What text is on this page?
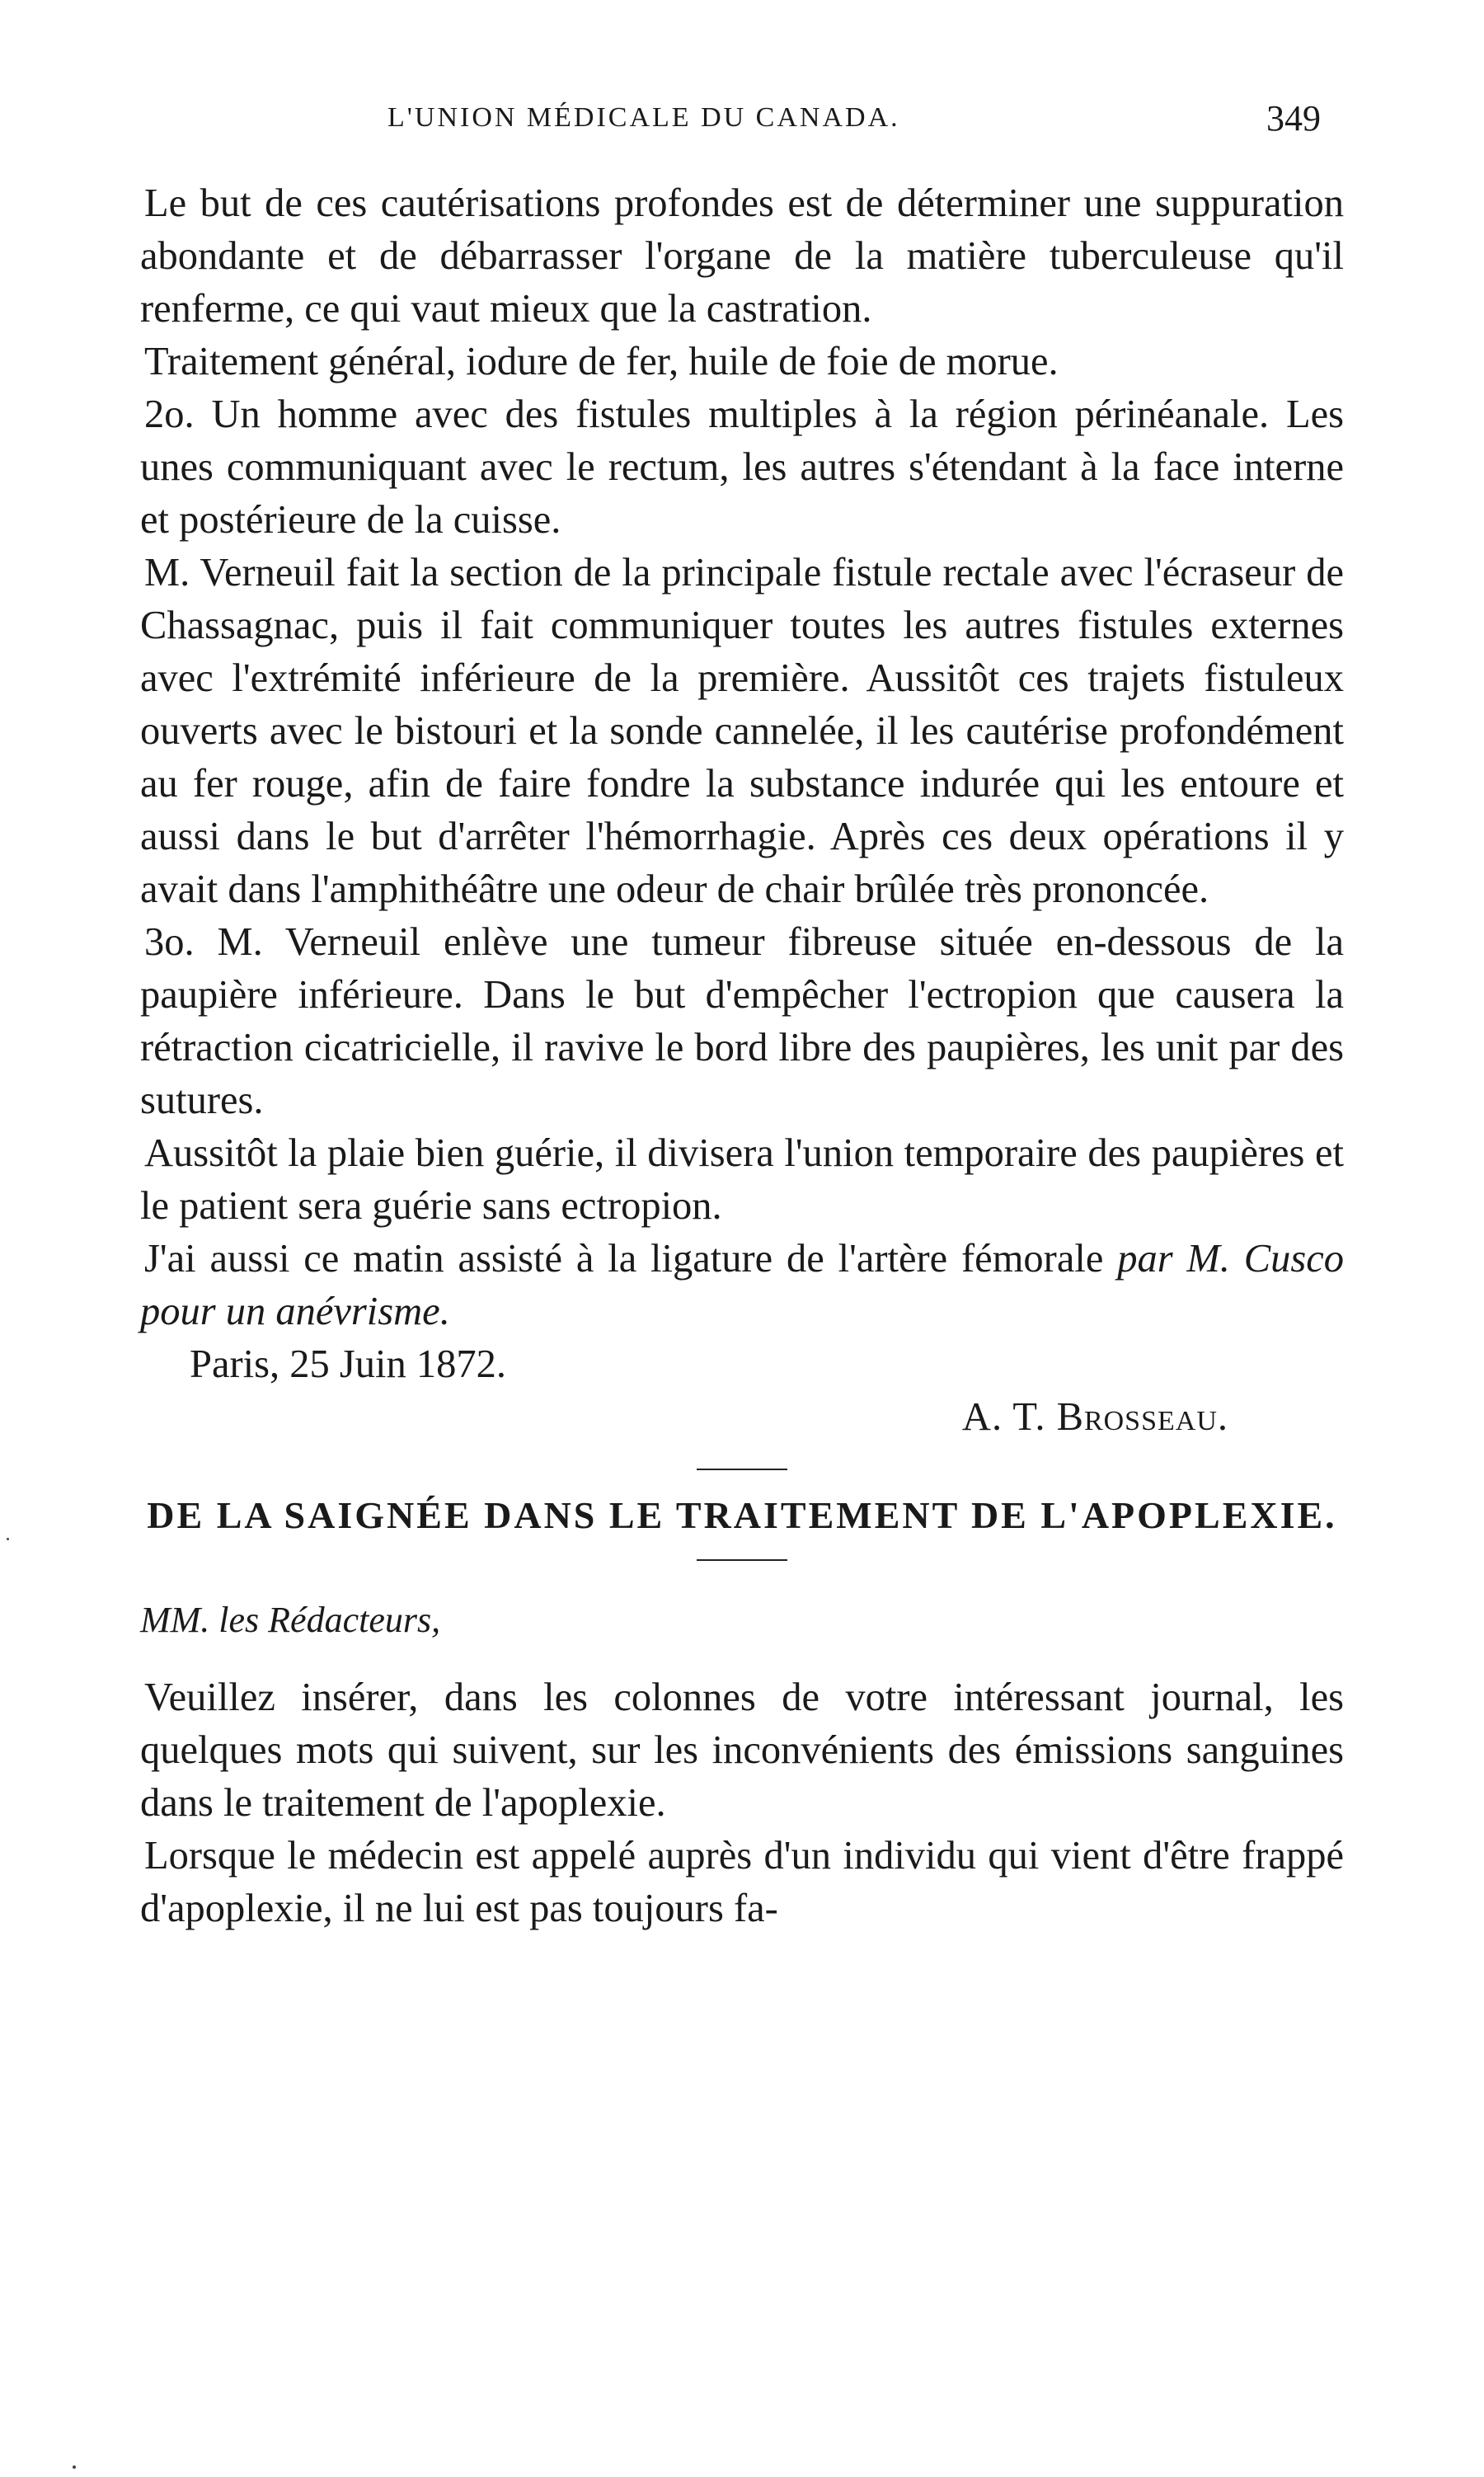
L'UNION MÉDICALE DU CANADA.	349

Le but de ces cautérisations profondes est de déterminer une suppuration abondante et de débarrasser l'organe de la matière tuberculeuse qu'il renferme, ce qui vaut mieux que la castration.

Traitement général, iodure de fer, huile de foie de morue.

2o. Un homme avec des fistules multiples à la région périnéanale. Les unes communiquant avec le rectum, les autres s'étendant à la face interne et postérieure de la cuisse.

M. Verneuil fait la section de la principale fistule rectale avec l'écraseur de Chassagnac, puis il fait communiquer toutes les autres fistules externes avec l'extrémité inférieure de la première. Aussitôt ces trajets fistuleux ouverts avec le bistouri et la sonde cannelée, il les cautérise profondément au fer rouge, afin de faire fondre la substance indurée qui les entoure et aussi dans le but d'arrêter l'hémorrhagie. Après ces deux opérations il y avait dans l'amphithéâtre une odeur de chair brûlée très prononcée.

3o. M. Verneuil enlève une tumeur fibreuse située en-dessous de la paupière inférieure. Dans le but d'empêcher l'ectropion que causera la rétraction cicatricielle, il ravive le bord libre des paupières, les unit par des sutures.

Aussitôt la plaie bien guérie, il divisera l'union temporaire des paupières et le patient sera guérie sans ectropion.

J'ai aussi ce matin assisté à la ligature de l'artère fémorale par M. Cusco pour un anévrisme.

Paris, 25 Juin 1872.

A. T. Brosseau.

DE LA SAIGNÉE DANS LE TRAITEMENT DE L'APOPLEXIE.

MM. les Rédacteurs,

Veuillez insérer, dans les colonnes de votre intéressant journal, les quelques mots qui suivent, sur les inconvénients des émissions sanguines dans le traitement de l'apoplexie.

Lorsque le médecin est appelé auprès d'un individu qui vient d'être frappé d'apoplexie, il ne lui est pas toujours fa-
